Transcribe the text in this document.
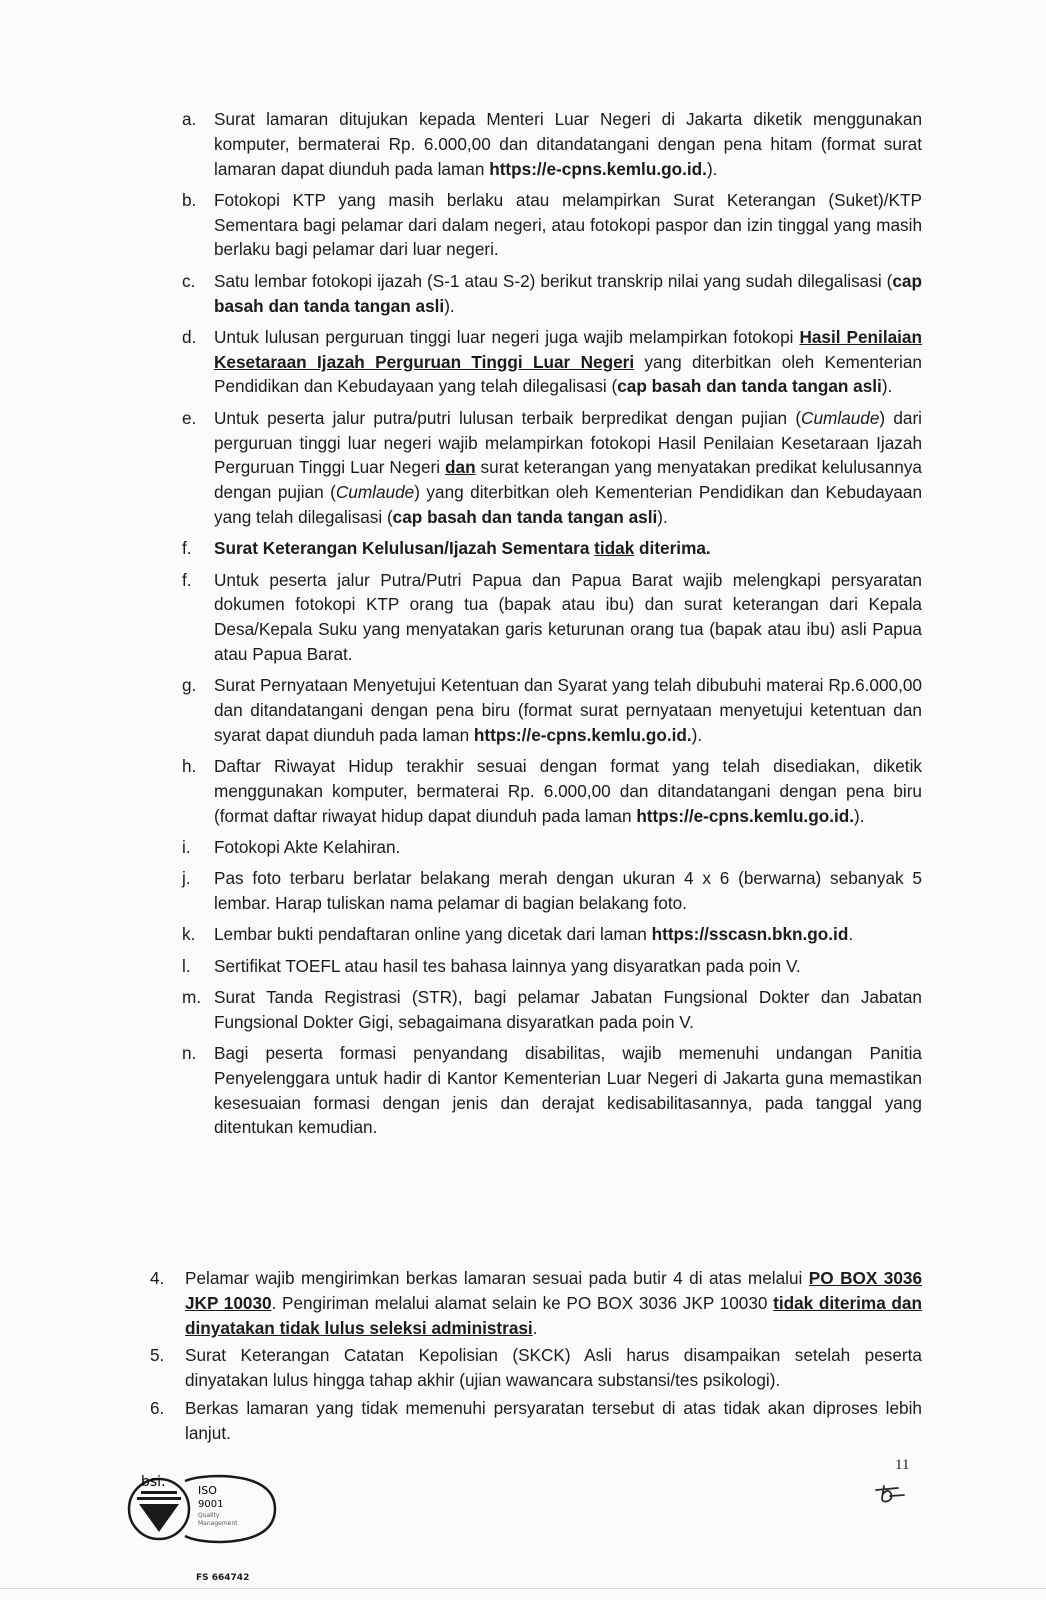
a.	Surat lamaran ditujukan kepada Menteri Luar Negeri di Jakarta diketik menggunakan komputer, bermaterai Rp. 6.000,00 dan ditandatangani dengan pena hitam (format surat lamaran dapat diunduh pada laman https://e-cpns.kemlu.go.id.).
b.	Fotokopi KTP yang masih berlaku atau melampirkan Surat Keterangan (Suket)/KTP Sementara bagi pelamar dari dalam negeri, atau fotokopi paspor dan izin tinggal yang masih berlaku bagi pelamar dari luar negeri.
c.	Satu lembar fotokopi ijazah (S-1 atau S-2) berikut transkrip nilai yang sudah dilegalisasi (cap basah dan tanda tangan asli).
d.	Untuk lulusan perguruan tinggi luar negeri juga wajib melampirkan fotokopi Hasil Penilaian Kesetaraan Ijazah Perguruan Tinggi Luar Negeri yang diterbitkan oleh Kementerian Pendidikan dan Kebudayaan yang telah dilegalisasi (cap basah dan tanda tangan asli).
e.	Untuk peserta jalur putra/putri lulusan terbaik berpredikat dengan pujian (Cumlaude) dari perguruan tinggi luar negeri wajib melampirkan fotokopi Hasil Penilaian Kesetaraan Ijazah Perguruan Tinggi Luar Negeri dan surat keterangan yang menyatakan predikat kelulusannya dengan pujian (Cumlaude) yang diterbitkan oleh Kementerian Pendidikan dan Kebudayaan yang telah dilegalisasi (cap basah dan tanda tangan asli).
f.	Surat Keterangan Kelulusan/Ijazah Sementara tidak diterima.
f.	Untuk peserta jalur Putra/Putri Papua dan Papua Barat wajib melengkapi persyaratan dokumen fotokopi KTP orang tua (bapak atau ibu) dan surat keterangan dari Kepala Desa/Kepala Suku yang menyatakan garis keturunan orang tua (bapak atau ibu) asli Papua atau Papua Barat.
g.	Surat Pernyataan Menyetujui Ketentuan dan Syarat yang telah dibubuhi materai Rp.6.000,00 dan ditandatangani dengan pena biru (format surat pernyataan menyetujui ketentuan dan syarat dapat diunduh pada laman https://e-cpns.kemlu.go.id.).
h.	Daftar Riwayat Hidup terakhir sesuai dengan format yang telah disediakan, diketik menggunakan komputer, bermaterai Rp. 6.000,00 dan ditandatangani dengan pena biru (format daftar riwayat hidup dapat diunduh pada laman https://e-cpns.kemlu.go.id.).
i.	Fotokopi Akte Kelahiran.
j.	Pas foto terbaru berlatar belakang merah dengan ukuran 4 x 6 (berwarna) sebanyak 5 lembar. Harap tuliskan nama pelamar di bagian belakang foto.
k.	Lembar bukti pendaftaran online yang dicetak dari laman https://sscasn.bkn.go.id.
l.	Sertifikat TOEFL atau hasil tes bahasa lainnya yang disyaratkan pada poin V.
m. Surat Tanda Registrasi (STR), bagi pelamar Jabatan Fungsional Dokter dan Jabatan Fungsional Dokter Gigi, sebagaimana disyaratkan pada poin V.
n.	Bagi peserta formasi penyandang disabilitas, wajib memenuhi undangan Panitia Penyelenggara untuk hadir di Kantor Kementerian Luar Negeri di Jakarta guna memastikan kesesuaian formasi dengan jenis dan derajat kedisabilitasannya, pada tanggal yang ditentukan kemudian.
4.	Pelamar wajib mengirimkan berkas lamaran sesuai pada butir 4 di atas melalui PO BOX 3036 JKP 10030. Pengiriman melalui alamat selain ke PO BOX 3036 JKP 10030 tidak diterima dan dinyatakan tidak lulus seleksi administrasi.
5.	Surat Keterangan Catatan Kepolisian (SKCK) Asli harus disampaikan setelah peserta dinyatakan lulus hingga tahap akhir (ujian wawancara substansi/tes psikologi).
6.	Berkas lamaran yang tidak memenuhi persyaratan tersebut di atas tidak akan diproses lebih lanjut.
11
bsi.
ISO
9001
Quality
Management
FS 664742
